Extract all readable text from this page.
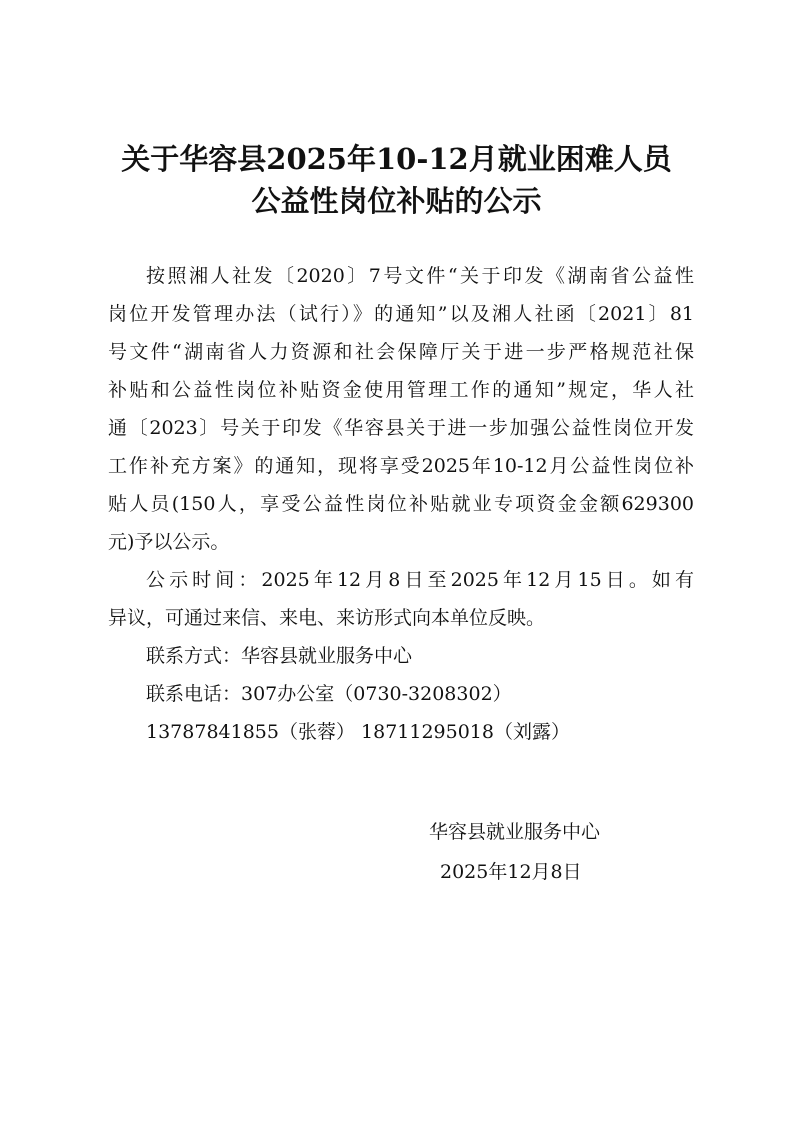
关于华容县2025年10-12月就业困难人员
公益性岗位补贴的公示
按照湘人社发〔2020〕7号文件“关于印发《湖南省公益性
岗位开发管理办法（试行）》的通知”以及湘人社函〔2021〕81
号文件“湖南省人力资源和社会保障厅关于进一步严格规范社保
补贴和公益性岗位补贴资金使用管理工作的通知”规定，华人社
通〔2023〕号关于印发《华容县关于进一步加强公益性岗位开发
工作补充方案》的通知，现将享受2025年10-12月公益性岗位补
贴人员(150人，享受公益性岗位补贴就业专项资金金额629300
元)予以公示。
公示时间：2025年12月8日至2025年12月15日。如有
异议，可通过来信、来电、来访形式向本单位反映。
联系方式：华容县就业服务中心
联系电话：307办公室（0730-3208302）
13787841855（张蓉） 18711295018（刘露）
华容县就业服务中心
2025年12月8日
